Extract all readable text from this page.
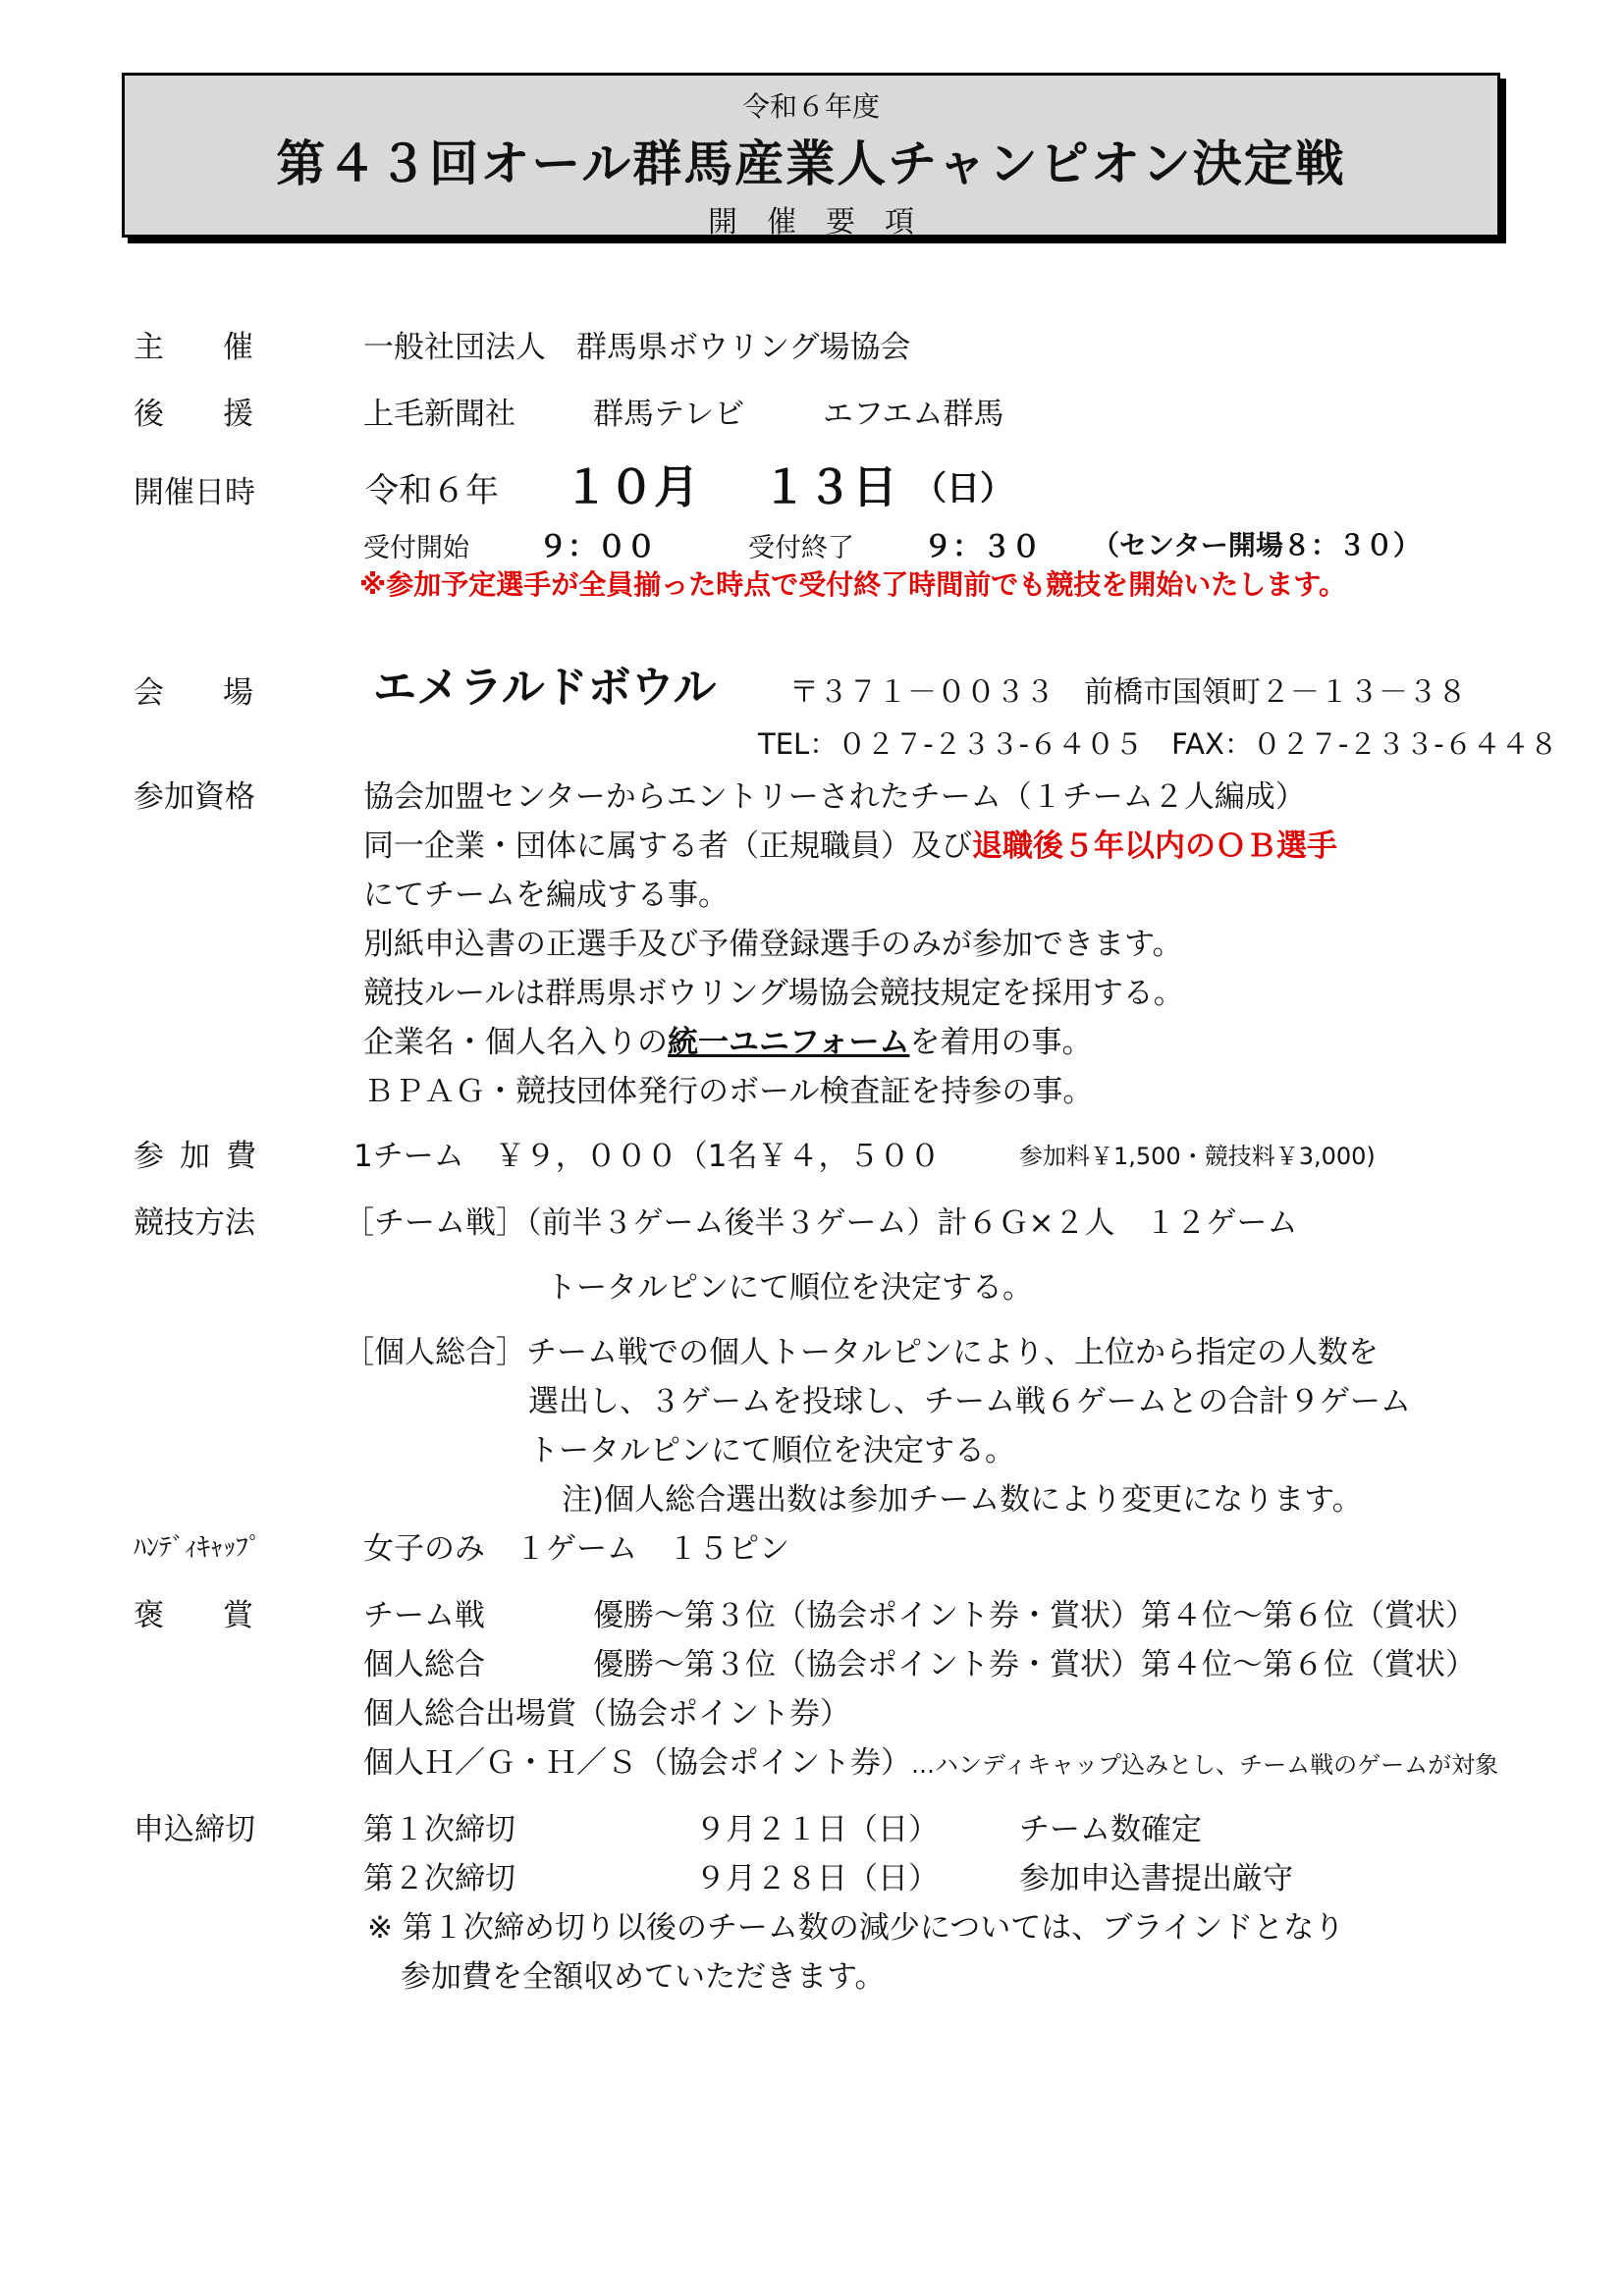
令和６年度
第４３回オール群馬産業人チャンピオン決定戦
開催要項
主催 一般社団法人　群馬県ボウリング場協会
後援 上毛新聞社	群馬テレビ	エフエム群馬
開催日時	令和６年 １０月 １３日 （日）
受付開始 ９：００	受付終了 ９：３０ （センター開場８：３０）
※参加予定選手が全員揃った時点で受付終了時間前でも競技を開始いたします。
会場 エメラルドボウル 〒３７１－００３３　前橋市国領町２－１３－３８
TEL：０２７-２３３-６４０５　FAX：０２７-２３３-６４４８
参加資格	協会加盟センターからエントリーされたチーム（１チーム２人編成）
同一企業・団体に属する者（正規職員）及び退職後５年以内のＯＢ選手
にてチームを編成する事。
別紙申込書の正選手及び予備登録選手のみが参加できます。
競技ルールは群馬県ボウリング場協会競技規定を採用する。
企業名・個人名入りの統一ユニフォームを着用の事。
ＢＰＡＧ・競技団体発行のボール検査証を持参の事。
参加費	1チーム　￥９，０００（1名￥４，５００	参加料￥1,500・競技料￥3,000)
競技方法	［チーム戦］（前半３ゲーム後半３ゲーム）計６Ｇ×２人　１２ゲーム
トータルピンにて順位を決定する。
［個人総合］チーム戦での個人トータルピンにより、上位から指定の人数を
選出し、３ゲームを投球し、チーム戦６ゲームとの合計９ゲーム
トータルピンにて順位を決定する。
注)個人総合選出数は参加チーム数により変更になります。
ﾊﾝﾃﾞｨｷｬｯﾌﾟ	女子のみ　１ゲーム　１５ピン
褒賞 チーム戦	優勝～第３位（協会ポイント券・賞状）第４位～第６位（賞状）
個人総合	優勝～第３位（協会ポイント券・賞状）第４位～第６位（賞状）
個人総合出場賞（協会ポイント券）
個人Ｈ／Ｇ・Ｈ／Ｓ（協会ポイント券）…ハンディキャップ込みとし、チーム戦のゲームが対象
申込締切	第１次締切	９月２１日（日）	チーム数確定
第２次締切	９月２８日（日）	参加申込書提出厳守
※ 第１次締め切り以後のチーム数の減少については、ブラインドとなり
参加費を全額収めていただきます。
